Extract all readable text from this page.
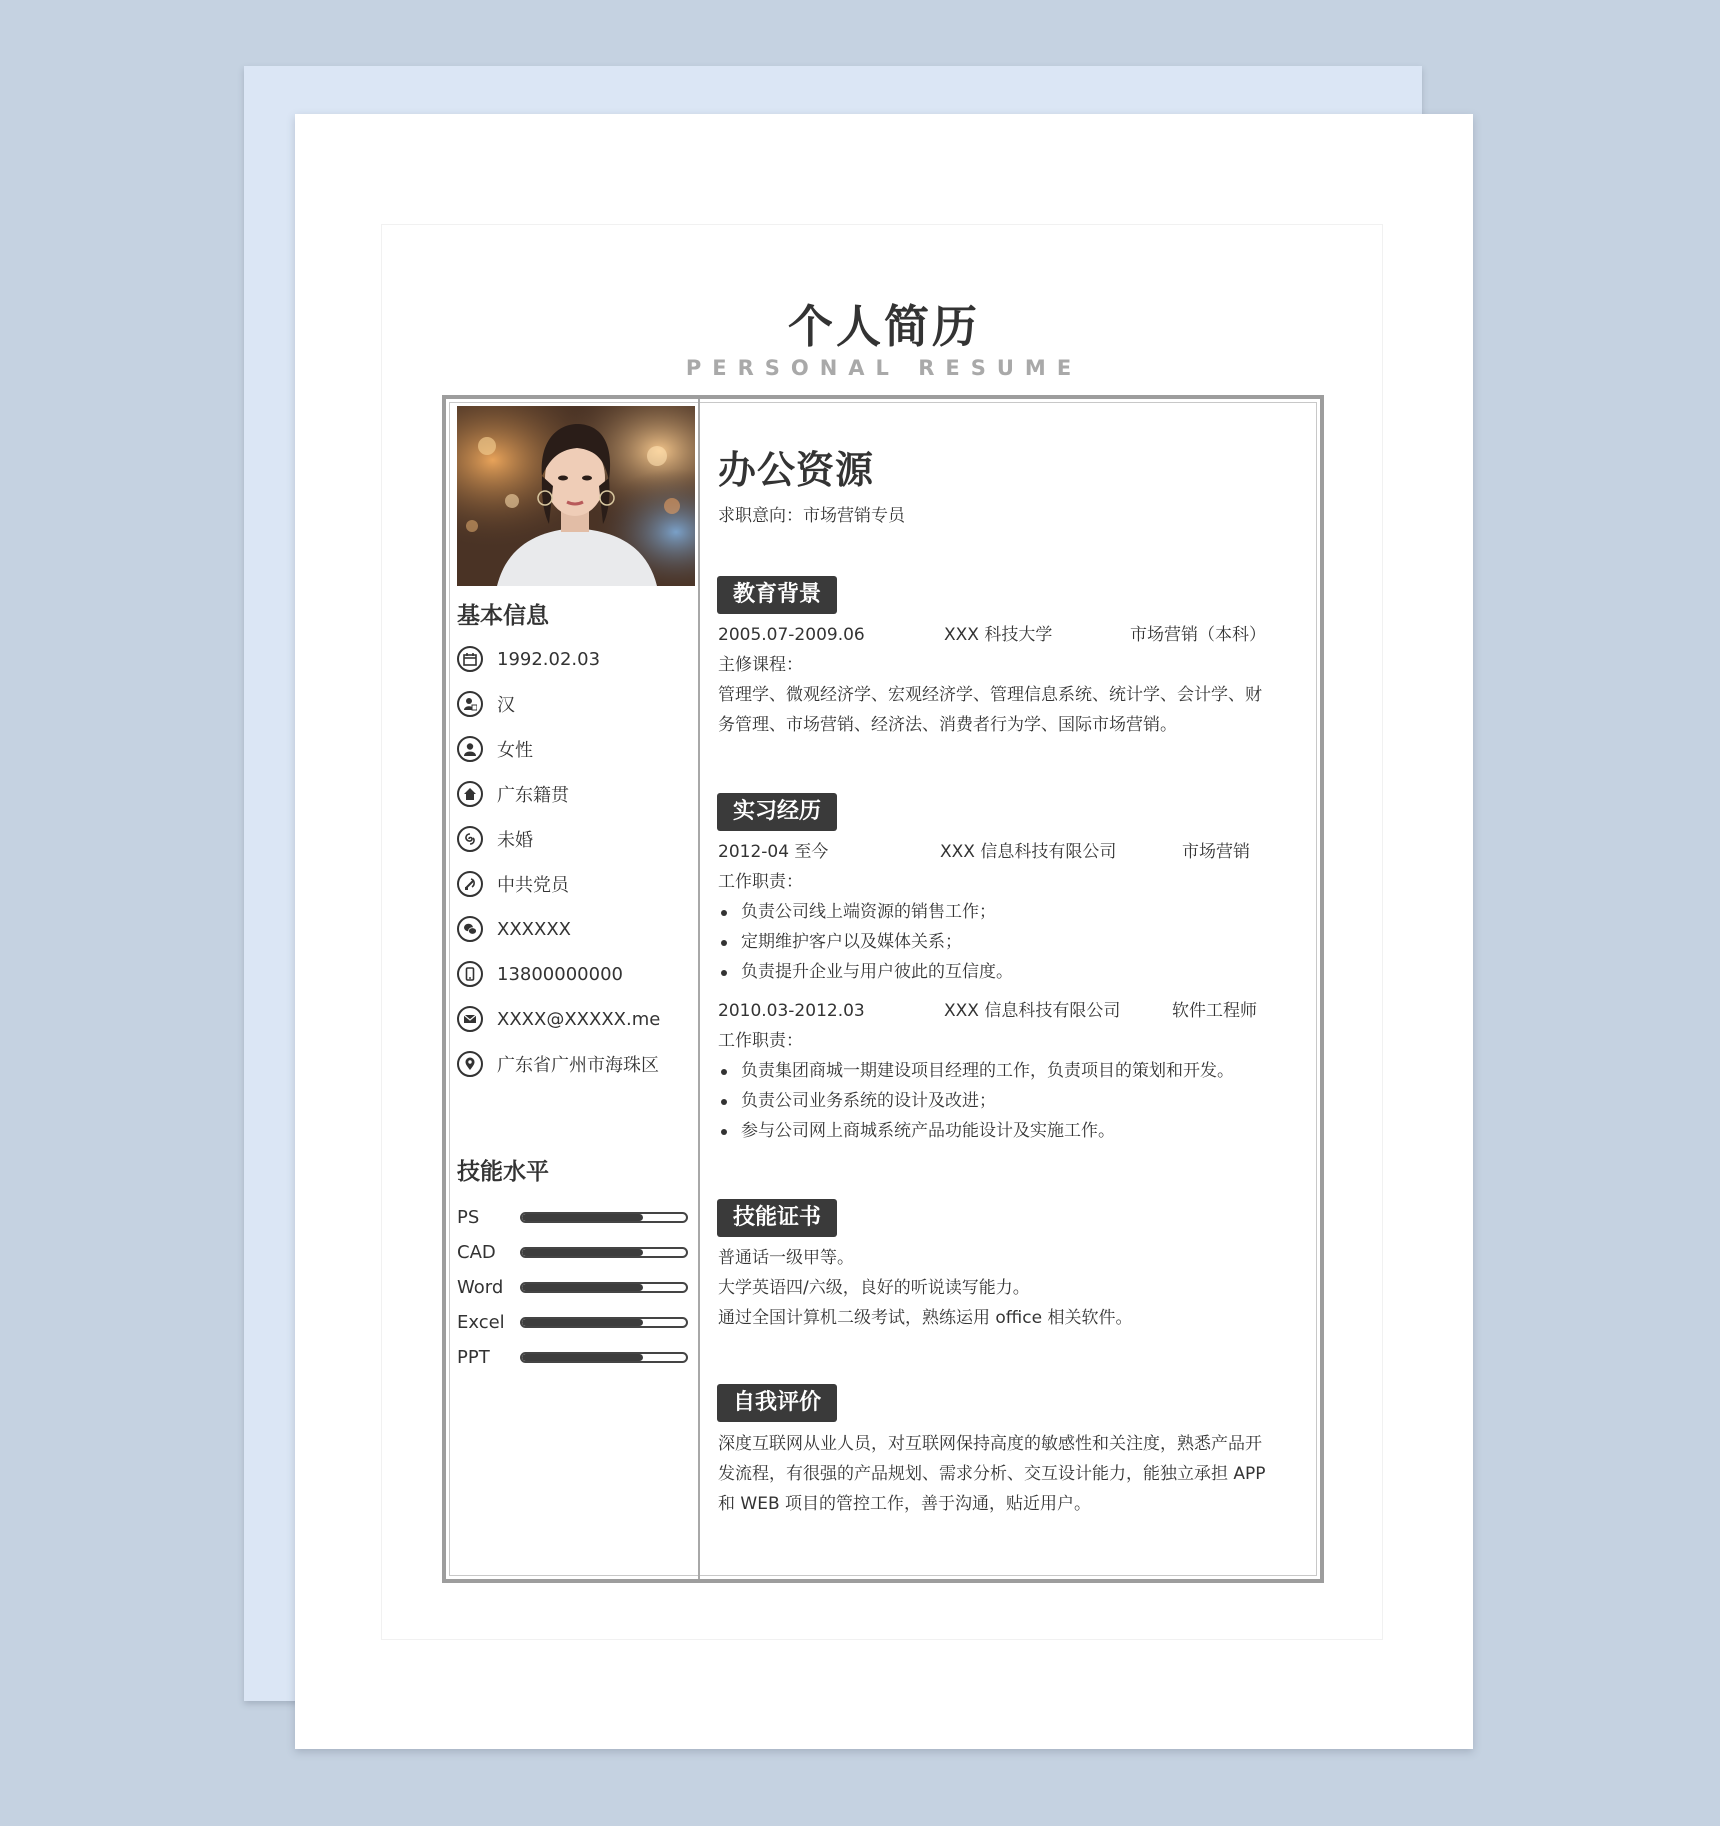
个人简历
PERSONAL RESUME
基本信息
1992.02.03
汉
女性
广东籍贯
未婚
中共党员
XXXXXX
13800000000
XXXX@XXXXX.me
广东省广州市海珠区
技能水平
PS
CAD
Word
Excel
PPT
办公资源
求职意向：市场营销专员
教育背景
2005.07-2009.06	XXX 科技大学	市场营销（本科）
主修课程：
管理学、微观经济学、宏观经济学、管理信息系统、统计学、会计学、财
务管理、市场营销、经济法、消费者行为学、国际市场营销。
实习经历
2012-04 至今	XXX 信息科技有限公司	市场营销
工作职责：
负责公司线上端资源的销售工作；
定期维护客户以及媒体关系；
负责提升企业与用户彼此的互信度。
2010.03-2012.03	XXX 信息科技有限公司	软件工程师
工作职责：
负责集团商城一期建设项目经理的工作，负责项目的策划和开发。
负责公司业务系统的设计及改进；
参与公司网上商城系统产品功能设计及实施工作。
技能证书
普通话一级甲等。
大学英语四/六级，良好的听说读写能力。
通过全国计算机二级考试，熟练运用 office 相关软件。
自我评价
深度互联网从业人员，对互联网保持高度的敏感性和关注度，熟悉产品开
发流程，有很强的产品规划、需求分析、交互设计能力，能独立承担 APP
和 WEB 项目的管控工作，善于沟通，贴近用户。
